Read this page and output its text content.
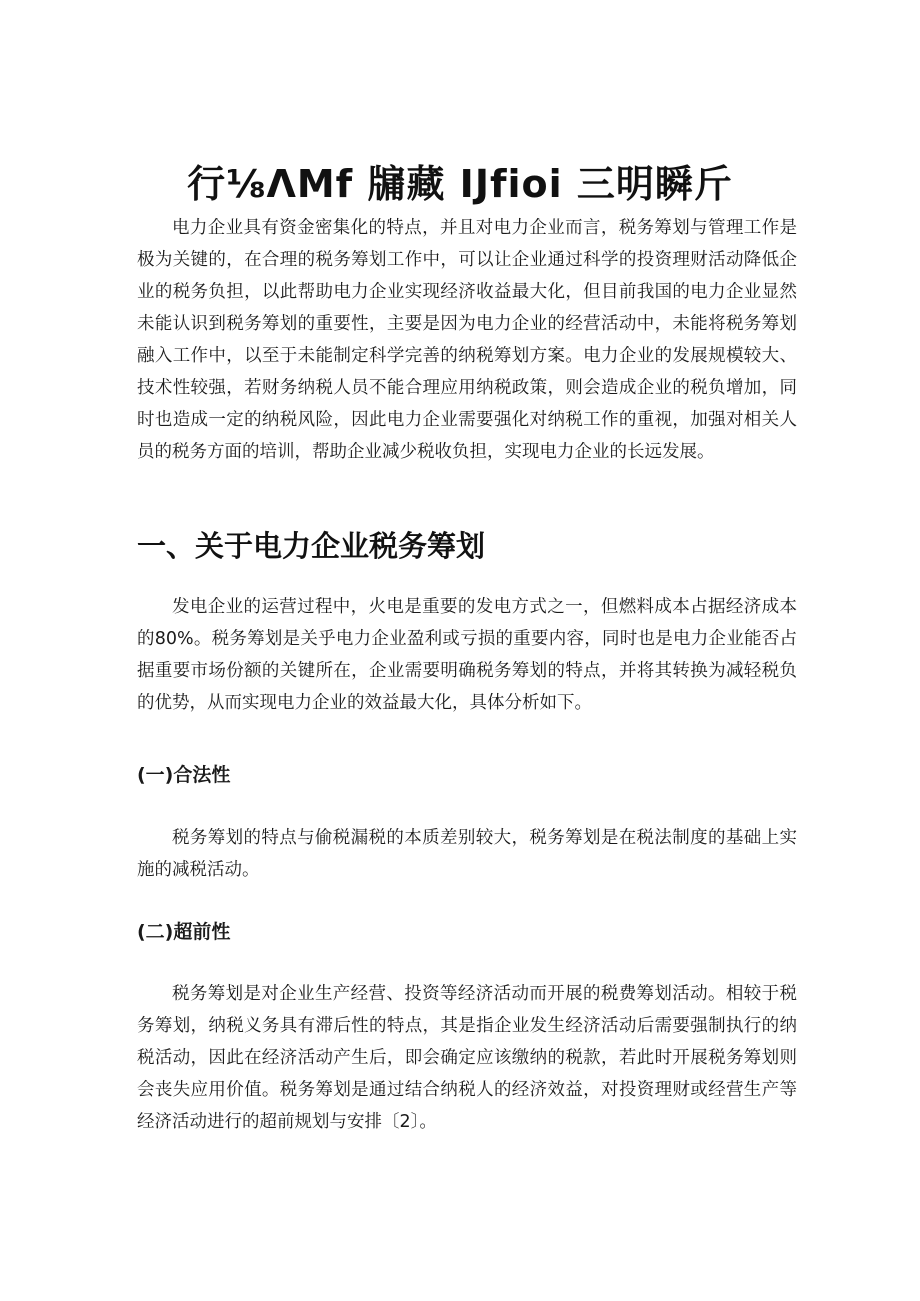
行⅛ΛMf 牖藏 IJfioi 三明瞬斤

电力企业具有资金密集化的特点，并且对电力企业而言，税务筹划与管理工作是极为关键的，在合理的税务筹划工作中，可以让企业通过科学的投资理财活动降低企业的税务负担，以此帮助电力企业实现经济收益最大化，但目前我国的电力企业显然未能认识到税务筹划的重要性，主要是因为电力企业的经营活动中，未能将税务筹划融入工作中，以至于未能制定科学完善的纳税筹划方案。电力企业的发展规模较大、技术性较强，若财务纳税人员不能合理应用纳税政策，则会造成企业的税负增加，同时也造成一定的纳税风险，因此电力企业需要强化对纳税工作的重视，加强对相关人员的税务方面的培训，帮助企业减少税收负担，实现电力企业的长远发展。

一、关于电力企业税务筹划

发电企业的运营过程中，火电是重要的发电方式之一，但燃料成本占据经济成本的80%。税务筹划是关乎电力企业盈利或亏损的重要内容，同时也是电力企业能否占据重要市场份额的关键所在，企业需要明确税务筹划的特点，并将其转换为减轻税负的优势，从而实现电力企业的效益最大化，具体分析如下。

(一)合法性

税务筹划的特点与偷税漏税的本质差别较大，税务筹划是在税法制度的基础上实施的减税活动。

(二)超前性

税务筹划是对企业生产经营、投资等经济活动而开展的税费筹划活动。相较于税务筹划，纳税义务具有滞后性的特点，其是指企业发生经济活动后需要强制执行的纳税活动，因此在经济活动产生后，即会确定应该缴纳的税款，若此时开展税务筹划则会丧失应用价值。税务筹划是通过结合纳税人的经济效益，对投资理财或经营生产等经济活动进行的超前规划与安排〔2〕。
